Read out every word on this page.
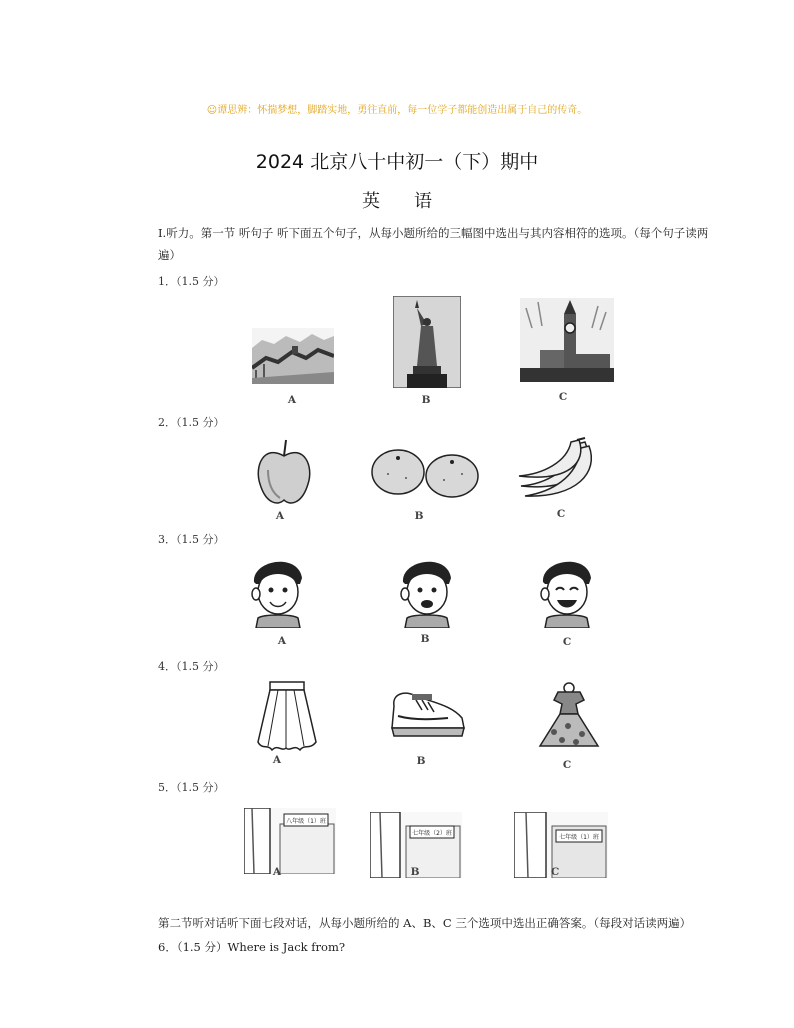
☺谭思辨：怀揣梦想，脚踏实地，勇往直前，每一位学子都能创造出属于自己的传奇。
2024 北京八十中初一（下）期中
英语
Ⅰ.听力。第一节 听句子 听下面五个句子，从每小题所给的三幅图中选出与其内容相符的选项。（每个句子读两遍）
1．（1.5 分）
A	B	C
2．（1.5 分）
A	B	C
3．（1.5 分）
A	B	C
4．（1.5 分）
A	B	C
5．（1.5 分）
八年级（1）班
A
七年级（2）班
B
七年级（1）班
C
第二节听对话听下面七段对话，从每小题所给的 A、B、C 三个选项中选出正确答案。（每段对话读两遍）
6．（1.5 分）Where is Jack from?
